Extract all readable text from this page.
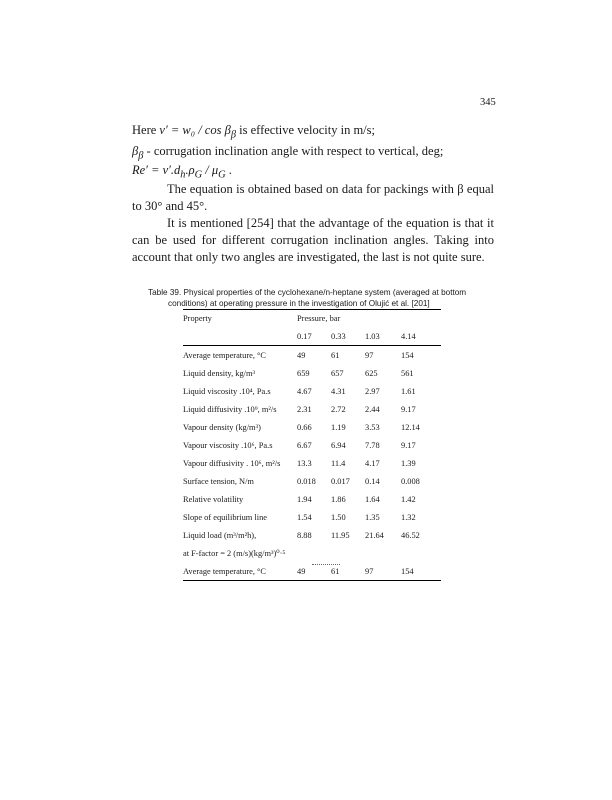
345
Here $v' = w_0 / \cos \beta_\beta$ is effective velocity in m/s;
$\beta_\beta$ - corrugation inclination angle with respect to vertical, deg;
$Re' = v'.d_h.\rho_G / \mu_G$ .
The equation is obtained based on data for packings with β equal to 30° and 45°.
It is mentioned [254] that the advantage of the equation is that it can be used for different corrugation inclination angles. Taking into account that only two angles are investigated, the last is not quite sure.
Table 39. Physical properties of the cyclohexane/n-heptane system (averaged at bottom
conditions) at operating pressure in the investigation of Olujić et al. [201]
Property	Pressure, bar			
	0.17	0.33	1.03	4.14
Average temperature, °C	49	61	97	154
Liquid density, kg/m³	659	657	625	561
Liquid viscosity .10⁴, Pa.s	4.67	4.31	2.97	1.61
Liquid diffusivity .10⁹, m²/s	2.31	2.72	2.44	9.17
Vapour density (kg/m³)	0.66	1.19	3.53	12.14
Vapour viscosity .10⁶, Pa.s	6.67	6.94	7.78	9.17
Vapour diffusivity . 10⁶, m²/s	13.3	11.4	4.17	1.39
Surface tension, N/m	0.018	0.017	0.14	0.008
Relative volatility	1.94	1.86	1.64	1.42
Slope of equilibrium line	1.54	1.50	1.35	1.32
Liquid load (m³/m²h),	8.88	11.95	21.64	46.52
at F-factor = 2 (m/s)(kg/m³)⁰·⁵				
Average temperature, °C	49	61	97	154
